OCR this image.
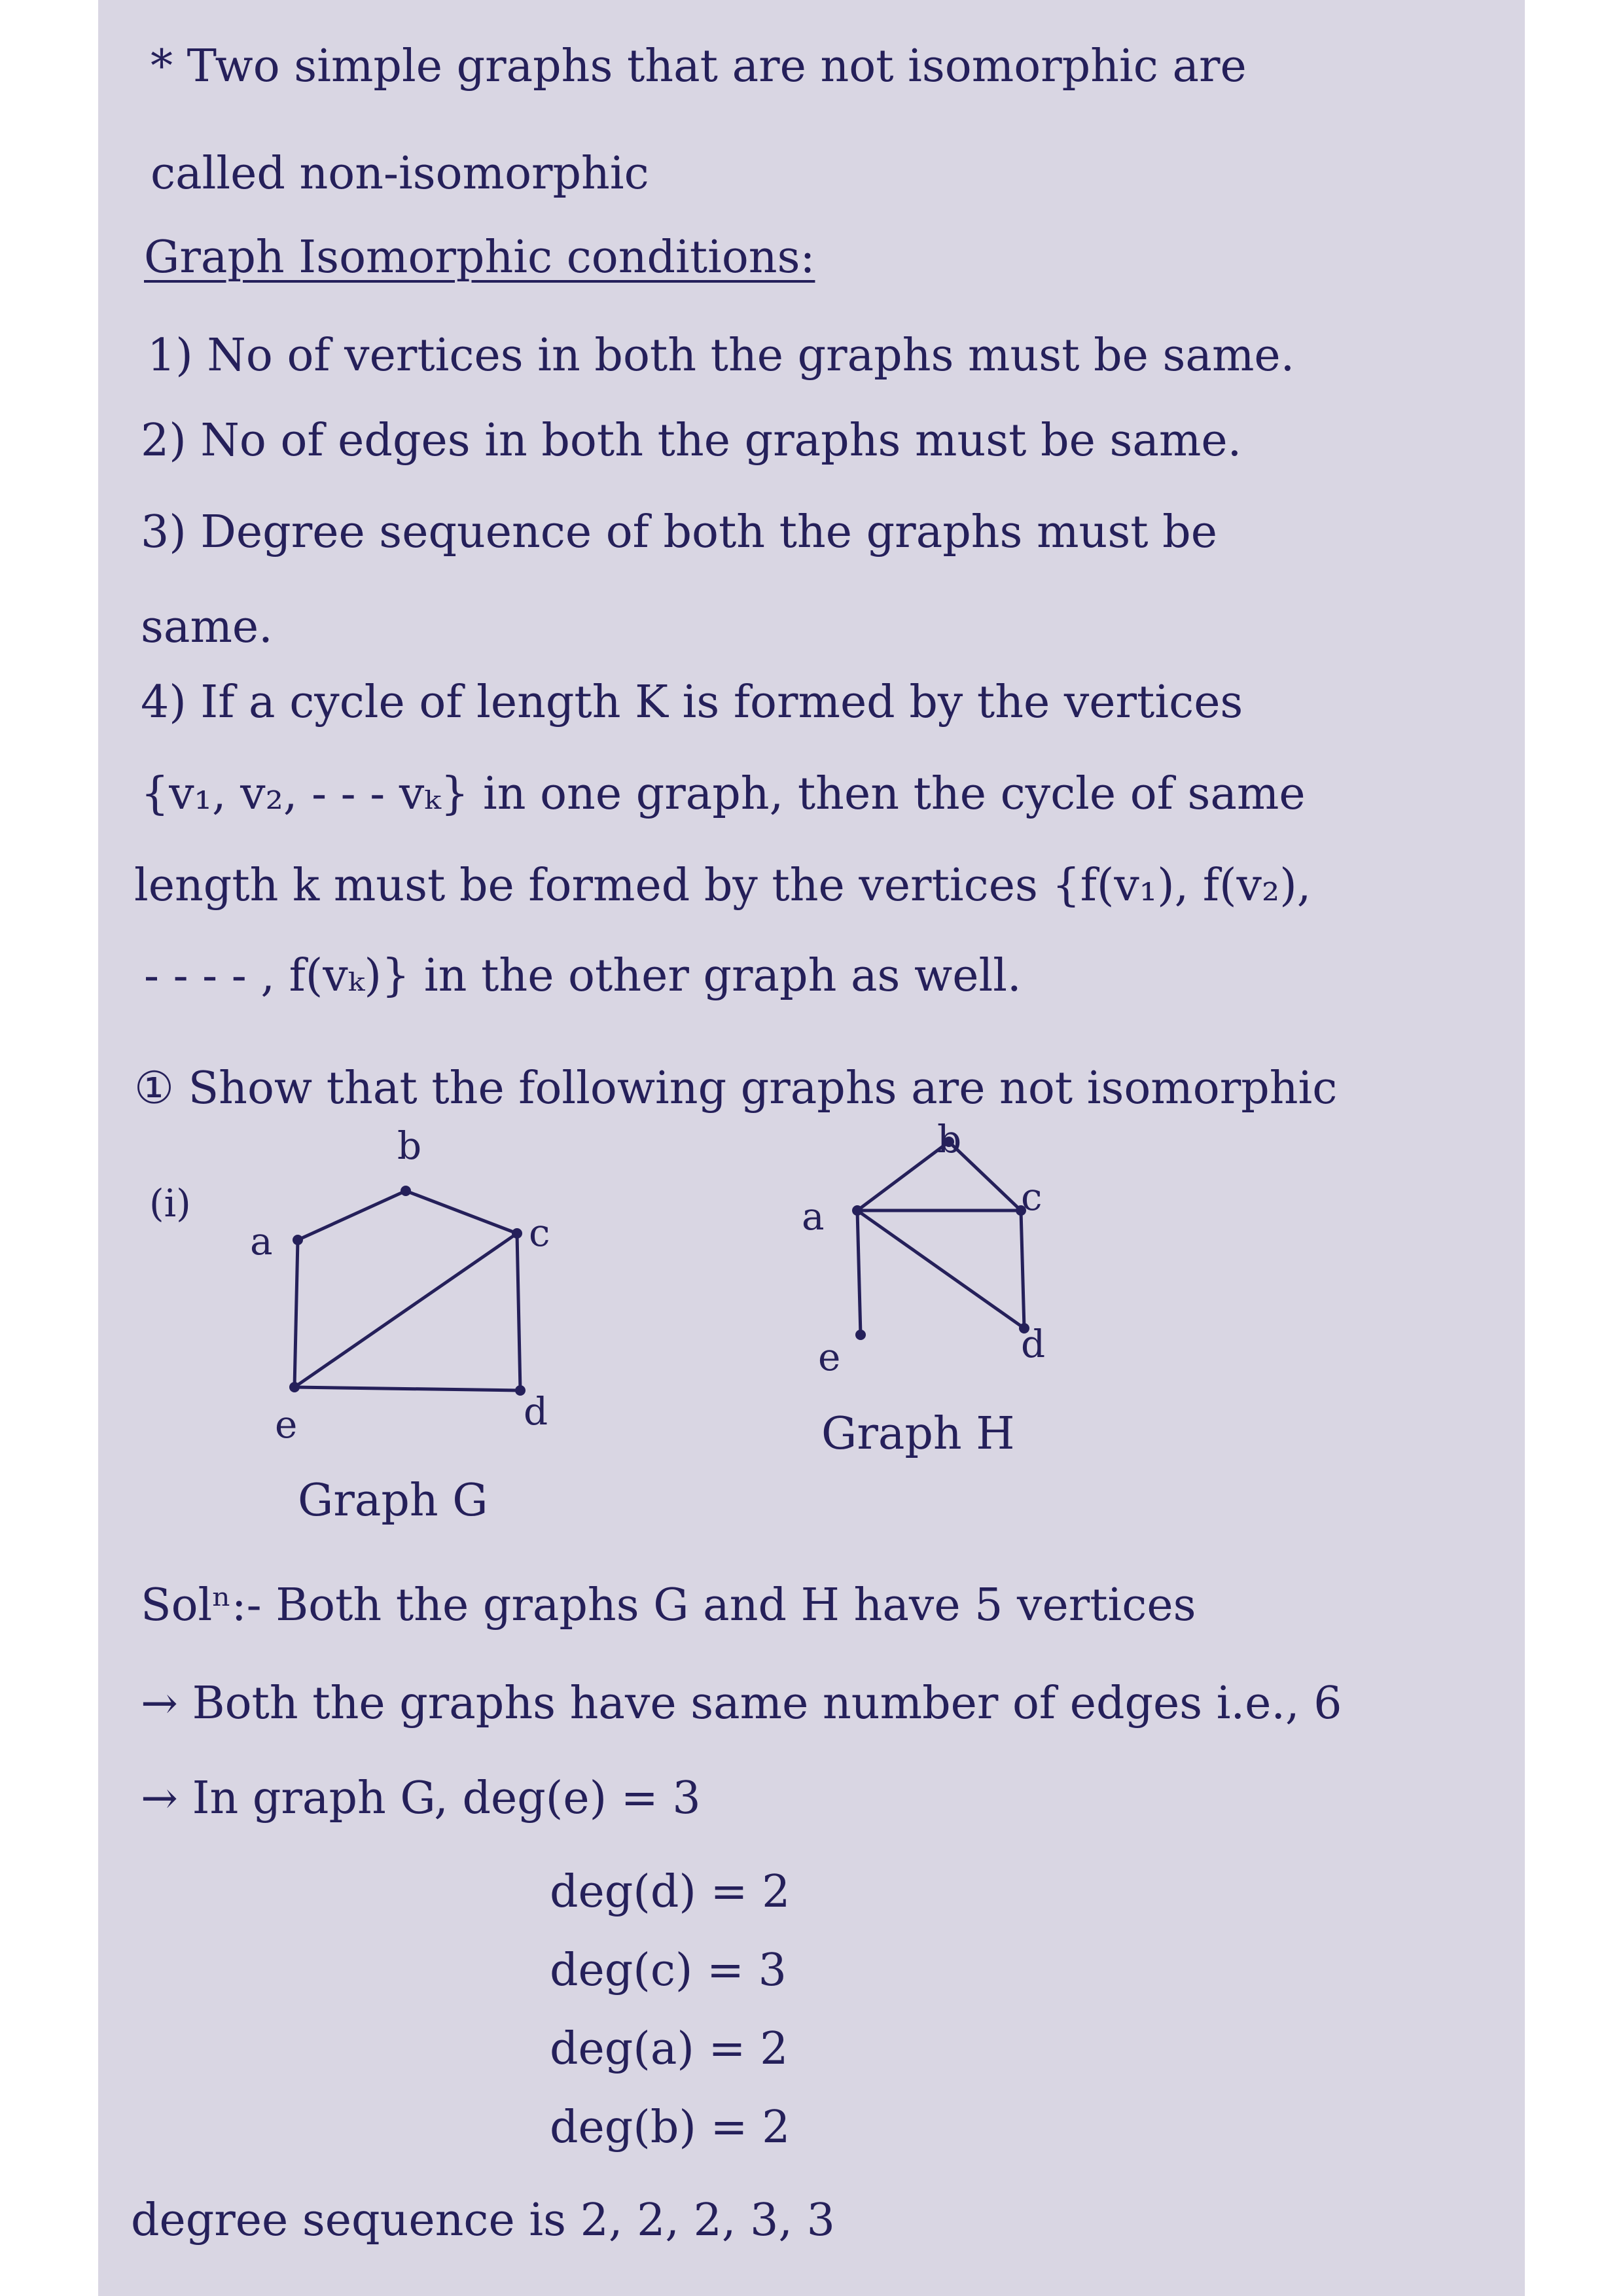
* Two simple graphs that are not isomorphic are

called non-isomorphic

Graph Isomorphic conditions:

1) No of vertices in both the graphs must be same.

2) No of edges in both the graphs must be same.

3) Degree sequence of both the graphs must be

same.

4) If a cycle of length K is formed by the vertices

{v₁, v₂, - - - vₖ} in one graph, then the cycle of same

length k must be formed by the vertices {f(v₁), f(v₂),

- - - - , f(vₖ)} in the other graph as well.

① Show that the following graphs are not isomorphic

(i)

a

b

c

d

e

Graph G

a

b

c

d

e

Graph H

Solⁿ:- Both the graphs G and H have 5 vertices

→ Both the graphs have same number of edges i.e., 6

→ In graph G, deg(e) = 3

deg(d) = 2

deg(c) = 3

deg(a) = 2

deg(b) = 2

degree sequence is 2, 2, 2, 3, 3
